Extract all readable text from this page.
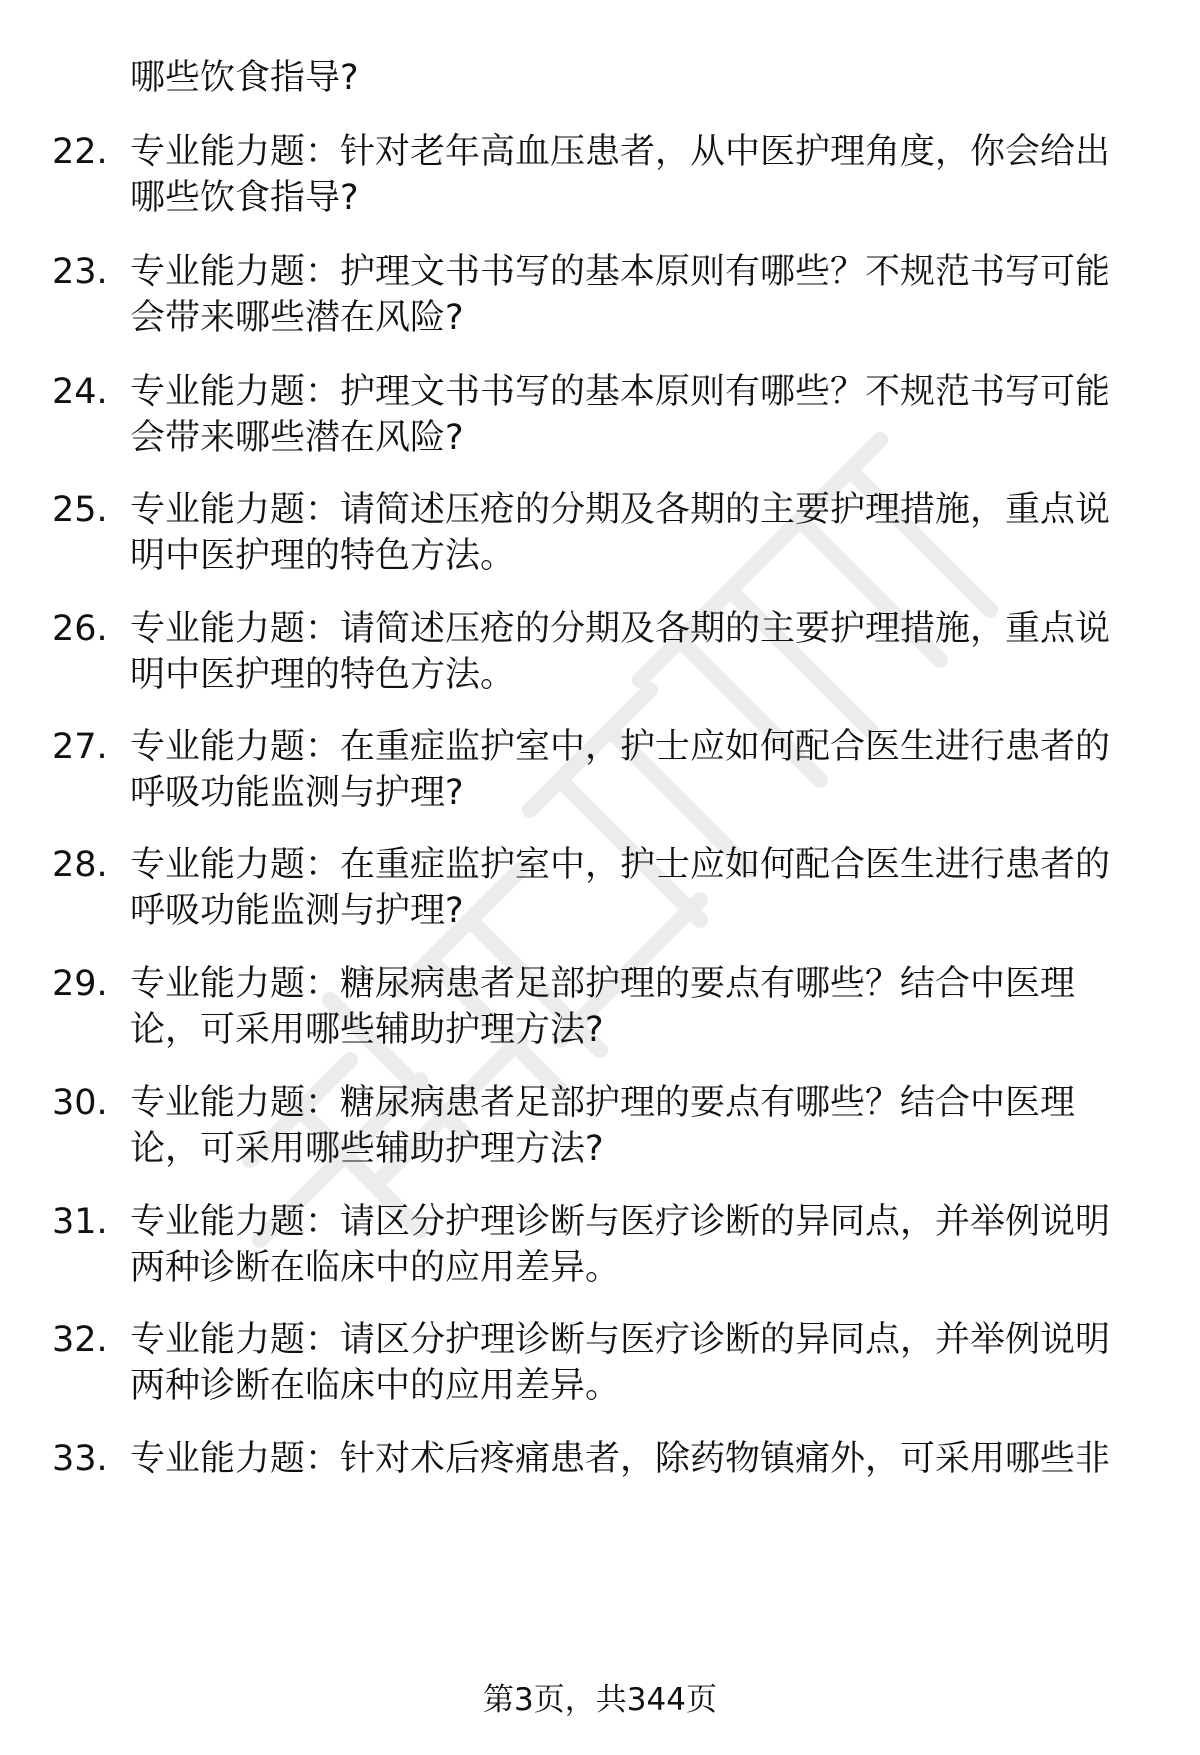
哪些饮食指导?
22. 专业能力题：针对老年高血压患者，从中医护理角度，你会给出
哪些饮食指导?
23. 专业能力题：护理文书书写的基本原则有哪些？不规范书写可能
会带来哪些潜在风险?
24. 专业能力题：护理文书书写的基本原则有哪些？不规范书写可能
会带来哪些潜在风险?
25. 专业能力题：请简述压疮的分期及各期的主要护理措施，重点说
明中医护理的特色方法。
26. 专业能力题：请简述压疮的分期及各期的主要护理措施，重点说
明中医护理的特色方法。
27. 专业能力题：在重症监护室中，护士应如何配合医生进行患者的
呼吸功能监测与护理?
28. 专业能力题：在重症监护室中，护士应如何配合医生进行患者的
呼吸功能监测与护理?
29. 专业能力题：糖尿病患者足部护理的要点有哪些？结合中医理
论，可采用哪些辅助护理方法?
30. 专业能力题：糖尿病患者足部护理的要点有哪些？结合中医理
论，可采用哪些辅助护理方法?
31. 专业能力题：请区分护理诊断与医疗诊断的异同点，并举例说明
两种诊断在临床中的应用差异。
32. 专业能力题：请区分护理诊断与医疗诊断的异同点，并举例说明
两种诊断在临床中的应用差异。
33. 专业能力题：针对术后疼痛患者，除药物镇痛外，可采用哪些非
第3页，共344页
